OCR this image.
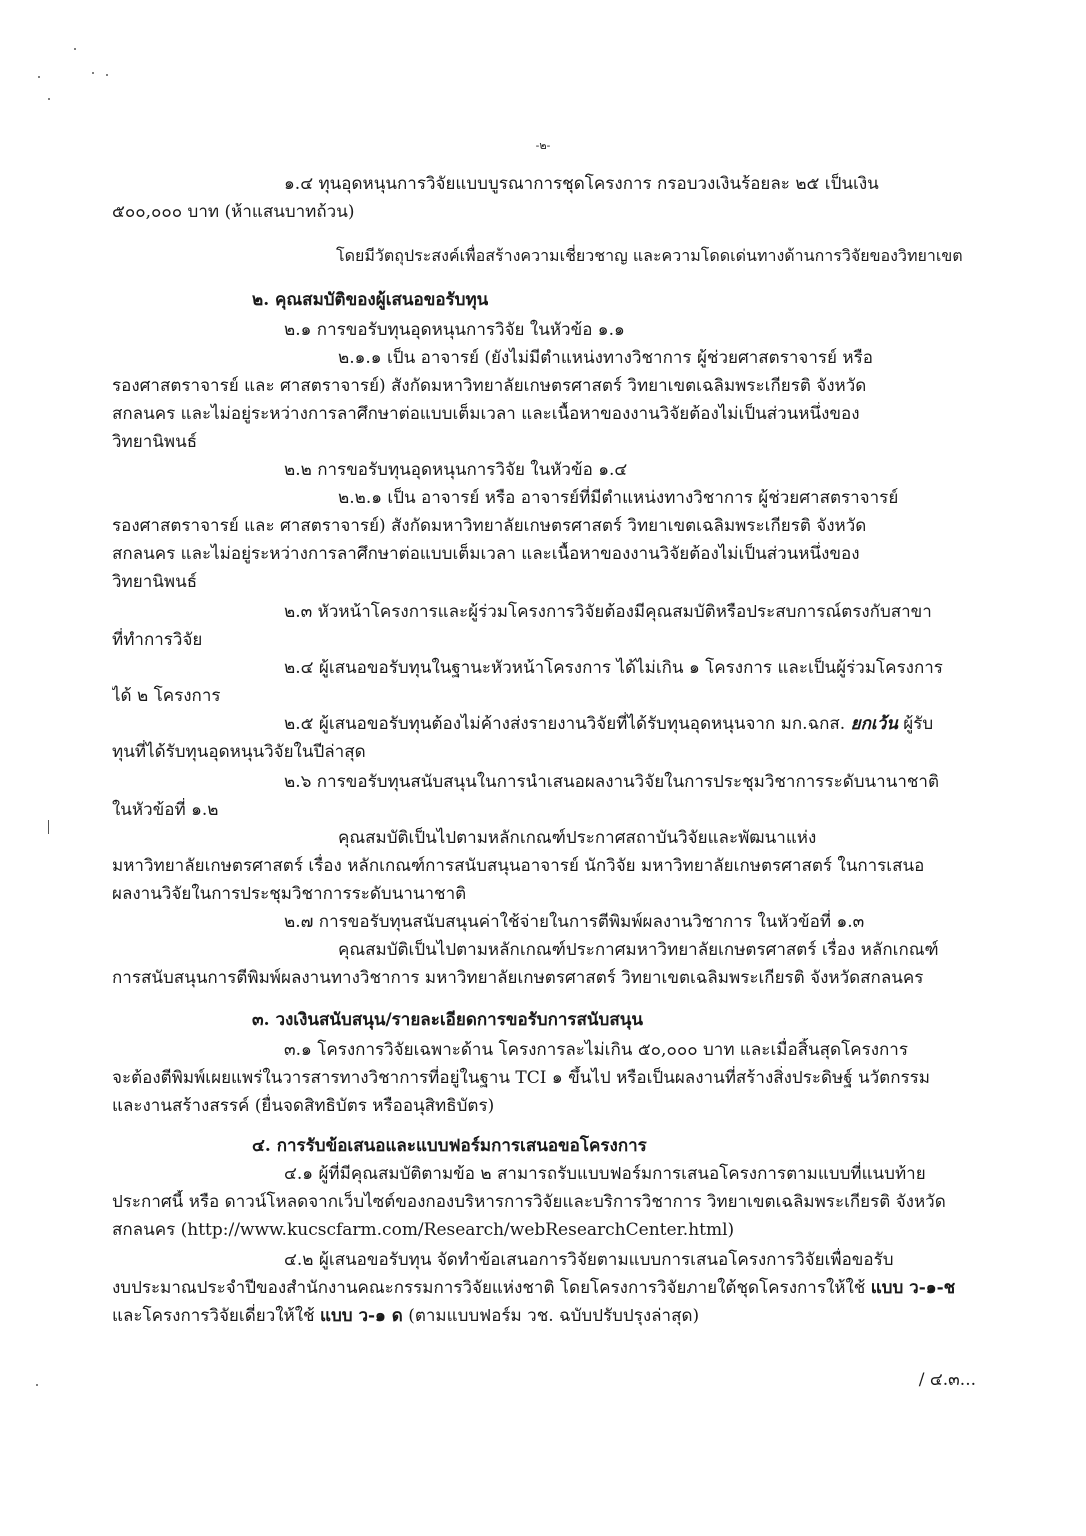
-๒-
๑.๔ ทุนอุดหนุนการวิจัยแบบบูรณาการชุดโครงการ กรอบวงเงินร้อยละ ๒๕ เป็นเงิน
๕๐๐,๐๐๐ บาท (ห้าแสนบาทถ้วน)
โดยมีวัตถุประสงค์เพื่อสร้างความเชี่ยวชาญ และความโดดเด่นทางด้านการวิจัยของวิทยาเขต
๒. คุณสมบัติของผู้เสนอขอรับทุน
๒.๑ การขอรับทุนอุดหนุนการวิจัย ในหัวข้อ ๑.๑
๒.๑.๑ เป็น อาจารย์ (ยังไม่มีตำแหน่งทางวิชาการ ผู้ช่วยศาสตราจารย์ หรือ
รองศาสตราจารย์ และ ศาสตราจารย์) สังกัดมหาวิทยาลัยเกษตรศาสตร์ วิทยาเขตเฉลิมพระเกียรติ จังหวัด
สกลนคร และไม่อยู่ระหว่างการลาศึกษาต่อแบบเต็มเวลา และเนื้อหาของงานวิจัยต้องไม่เป็นส่วนหนึ่งของ
วิทยานิพนธ์
๒.๒ การขอรับทุนอุดหนุนการวิจัย ในหัวข้อ ๑.๔
๒.๒.๑ เป็น อาจารย์ หรือ อาจารย์ที่มีตำแหน่งทางวิชาการ ผู้ช่วยศาสตราจารย์
รองศาสตราจารย์ และ ศาสตราจารย์) สังกัดมหาวิทยาลัยเกษตรศาสตร์ วิทยาเขตเฉลิมพระเกียรติ จังหวัด
สกลนคร และไม่อยู่ระหว่างการลาศึกษาต่อแบบเต็มเวลา และเนื้อหาของงานวิจัยต้องไม่เป็นส่วนหนึ่งของ
วิทยานิพนธ์
๒.๓ หัวหน้าโครงการและผู้ร่วมโครงการวิจัยต้องมีคุณสมบัติหรือประสบการณ์ตรงกับสาขา
ที่ทำการวิจัย
๒.๔ ผู้เสนอขอรับทุนในฐานะหัวหน้าโครงการ ได้ไม่เกิน ๑ โครงการ และเป็นผู้ร่วมโครงการ
ได้ ๒ โครงการ
๒.๕ ผู้เสนอขอรับทุนต้องไม่ค้างส่งรายงานวิจัยที่ได้รับทุนอุดหนุนจาก มก.ฉกส. ยกเว้น ผู้รับ
ทุนที่ได้รับทุนอุดหนุนวิจัยในปีล่าสุด
๒.๖ การขอรับทุนสนับสนุนในการนำเสนอผลงานวิจัยในการประชุมวิชาการระดับนานาชาติ
ในหัวข้อที่ ๑.๒
คุณสมบัติเป็นไปตามหลักเกณฑ์ประกาศสถาบันวิจัยและพัฒนาแห่ง
มหาวิทยาลัยเกษตรศาสตร์ เรื่อง หลักเกณฑ์การสนับสนุนอาจารย์ นักวิจัย มหาวิทยาลัยเกษตรศาสตร์ ในการเสนอ
ผลงานวิจัยในการประชุมวิชาการระดับนานาชาติ
๒.๗ การขอรับทุนสนับสนุนค่าใช้จ่ายในการตีพิมพ์ผลงานวิชาการ ในหัวข้อที่ ๑.๓
คุณสมบัติเป็นไปตามหลักเกณฑ์ประกาศมหาวิทยาลัยเกษตรศาสตร์ เรื่อง หลักเกณฑ์
การสนับสนุนการตีพิมพ์ผลงานทางวิชาการ มหาวิทยาลัยเกษตรศาสตร์ วิทยาเขตเฉลิมพระเกียรติ จังหวัดสกลนคร
๓. วงเงินสนับสนุน/รายละเอียดการขอรับการสนับสนุน
๓.๑ โครงการวิจัยเฉพาะด้าน โครงการละไม่เกิน ๕๐,๐๐๐ บาท และเมื่อสิ้นสุดโครงการ
จะต้องตีพิมพ์เผยแพร่ในวารสารทางวิชาการที่อยู่ในฐาน TCI ๑ ขึ้นไป หรือเป็นผลงานที่สร้างสิ่งประดิษฐ์ นวัตกรรม
และงานสร้างสรรค์ (ยื่นจดสิทธิบัตร หรืออนุสิทธิบัตร)
๔. การรับข้อเสนอและแบบฟอร์มการเสนอขอโครงการ
๔.๑ ผู้ที่มีคุณสมบัติตามข้อ ๒ สามารถรับแบบฟอร์มการเสนอโครงการตามแบบที่แนบท้าย
ประกาศนี้ หรือ ดาวน์โหลดจากเว็บไซต์ของกองบริหารการวิจัยและบริการวิชาการ วิทยาเขตเฉลิมพระเกียรติ จังหวัด
สกลนคร (http://www.kucscfarm.com/Research/webResearchCenter.html)
๔.๒ ผู้เสนอขอรับทุน จัดทำข้อเสนอการวิจัยตามแบบการเสนอโครงการวิจัยเพื่อขอรับ
งบประมาณประจำปีของสำนักงานคณะกรรมการวิจัยแห่งชาติ โดยโครงการวิจัยภายใต้ชุดโครงการให้ใช้ แบบ ว-๑-ช
และโครงการวิจัยเดี่ยวให้ใช้ แบบ ว-๑ ด (ตามแบบฟอร์ม วช. ฉบับปรับปรุงล่าสุด)
/ ๔.๓...
